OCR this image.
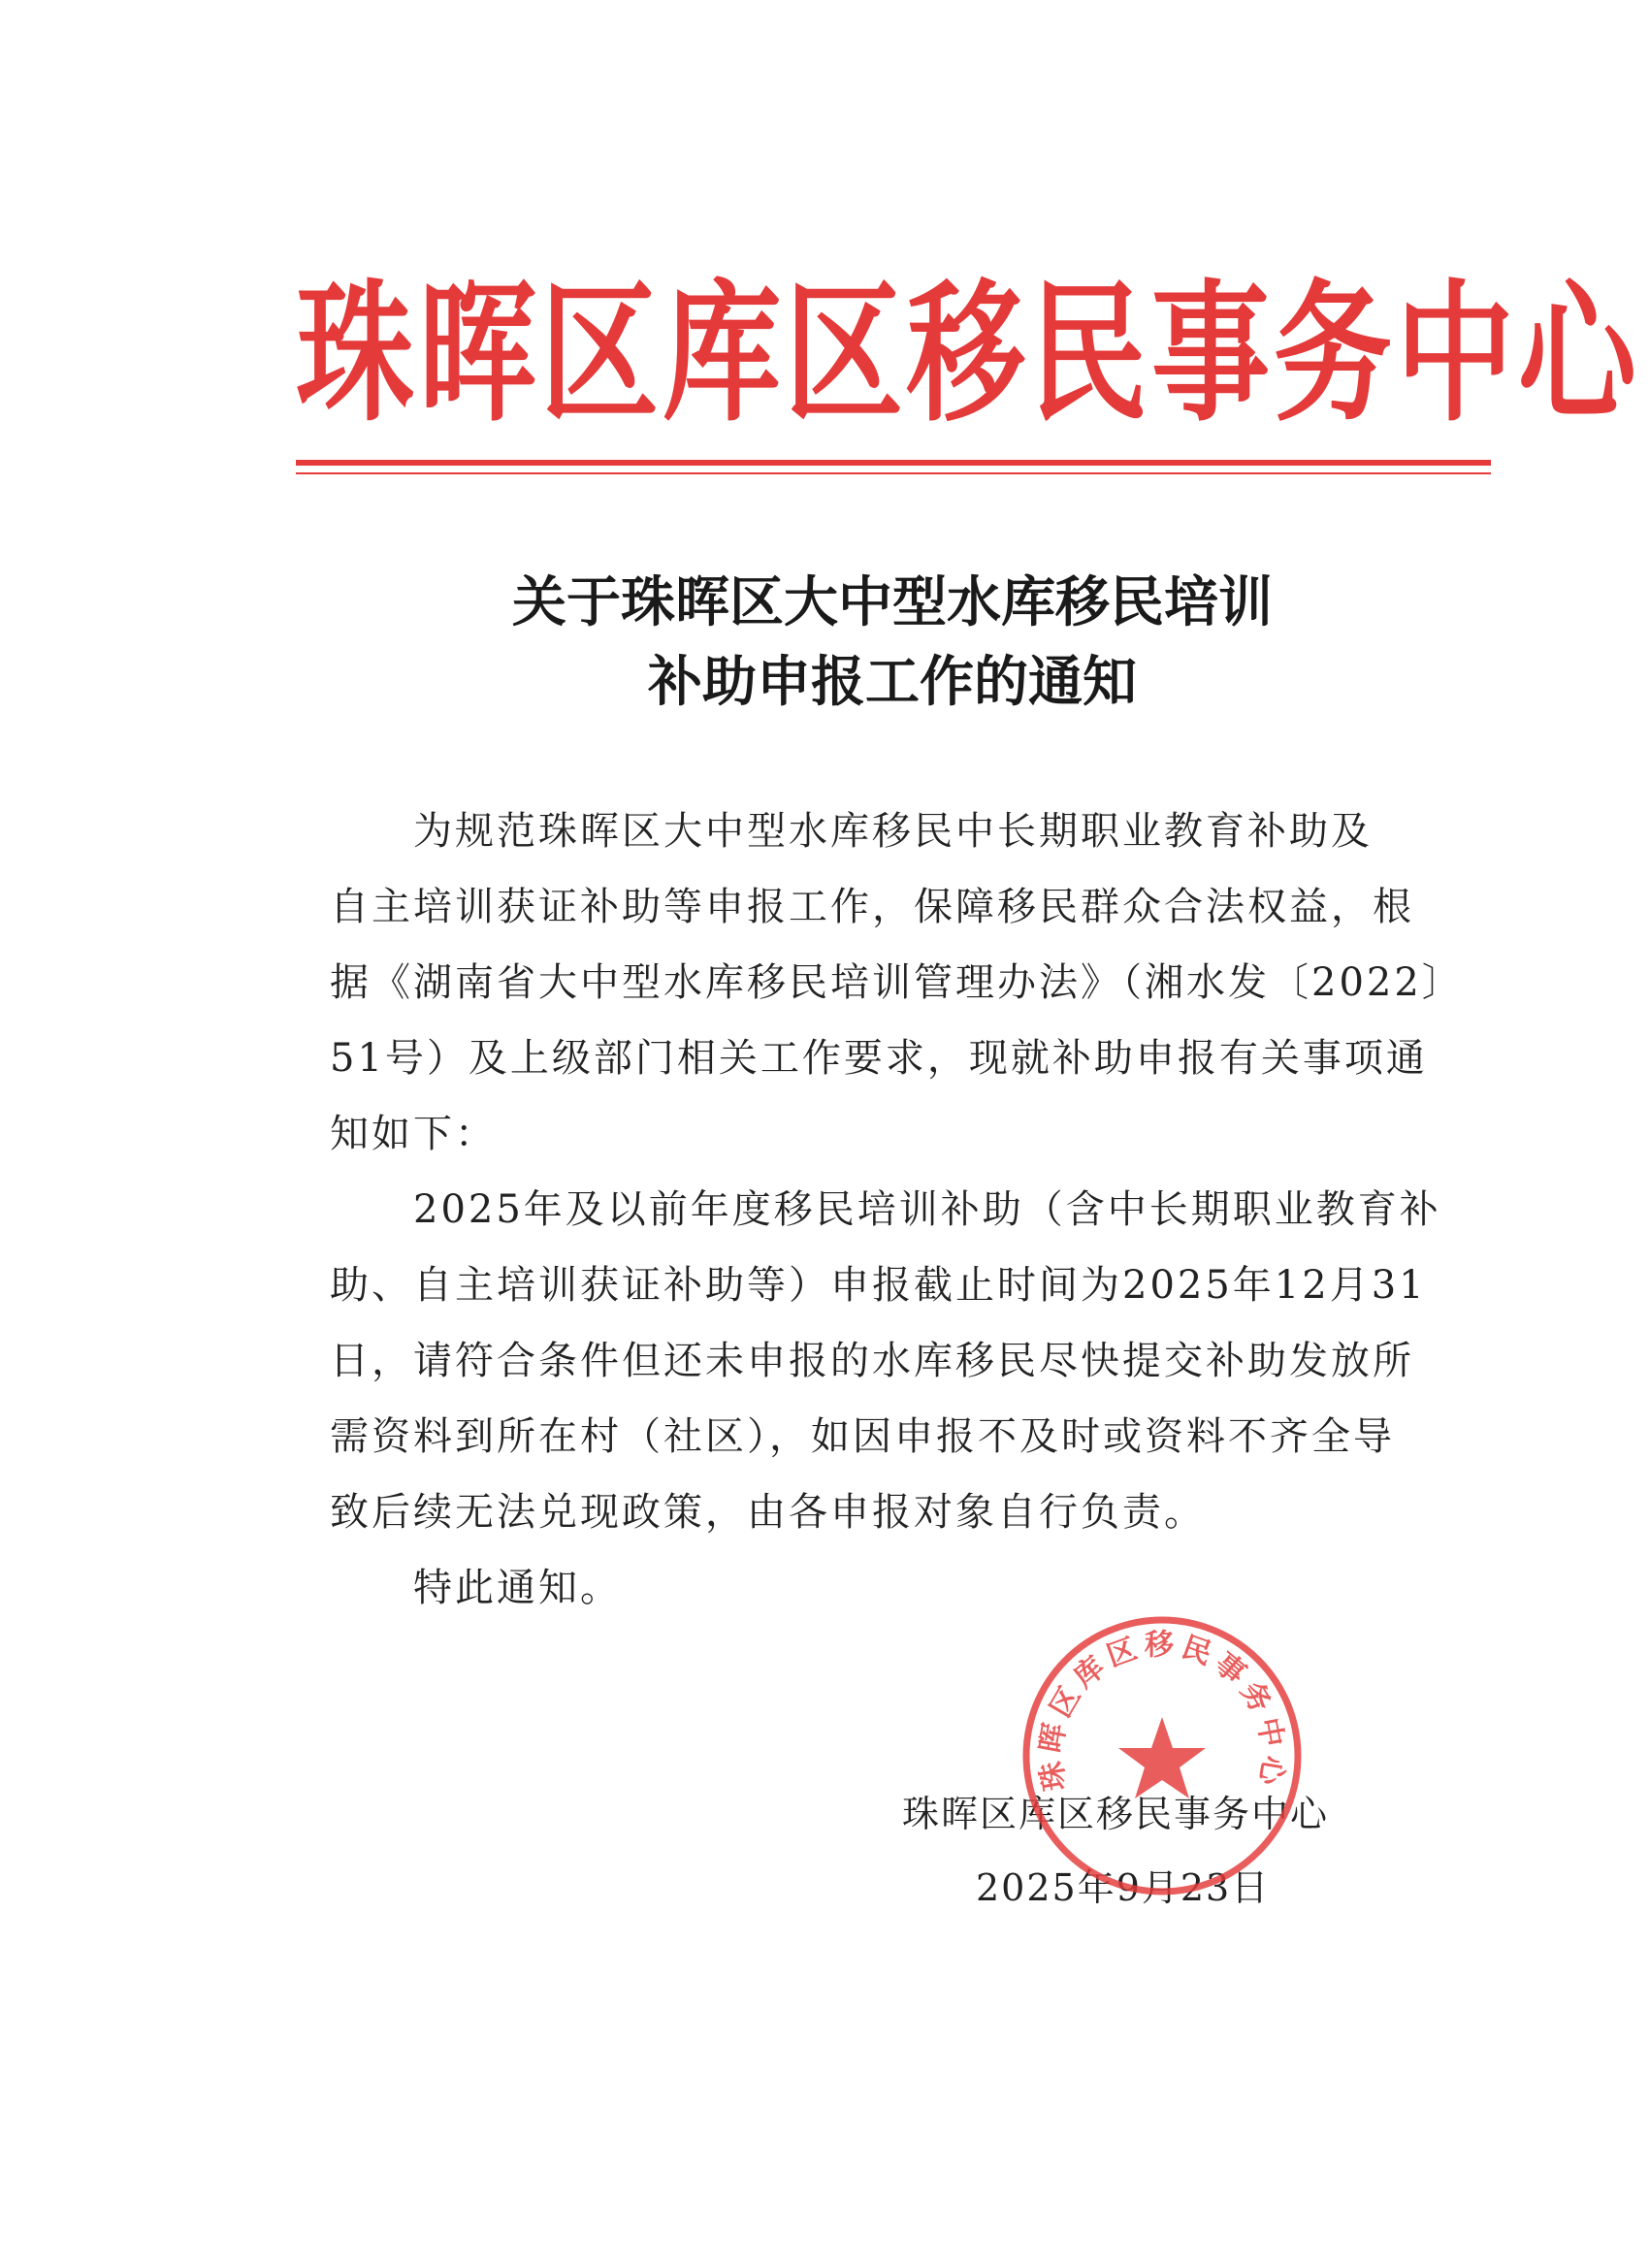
珠晖区库区移民事务中心
关于珠晖区大中型水库移民培训
补助申报工作的通知
为规范珠晖区大中型水库移民中长期职业教育补助及
自主培训获证补助等申报工作，保障移民群众合法权益，根
据《湖南省大中型水库移民培训管理办法》（湘水发〔2022〕
51号）及上级部门相关工作要求，现就补助申报有关事项通
知如下：
2025年及以前年度移民培训补助（含中长期职业教育补
助、自主培训获证补助等）申报截止时间为2025年12月31
日，请符合条件但还未申报的水库移民尽快提交补助发放所
需资料到所在村（社区），如因申报不及时或资料不齐全导
致后续无法兑现政策，由各申报对象自行负责。
特此通知。
珠晖区库区移民事务中心
2025年9月23日
珠晖区库区移民事务中心
